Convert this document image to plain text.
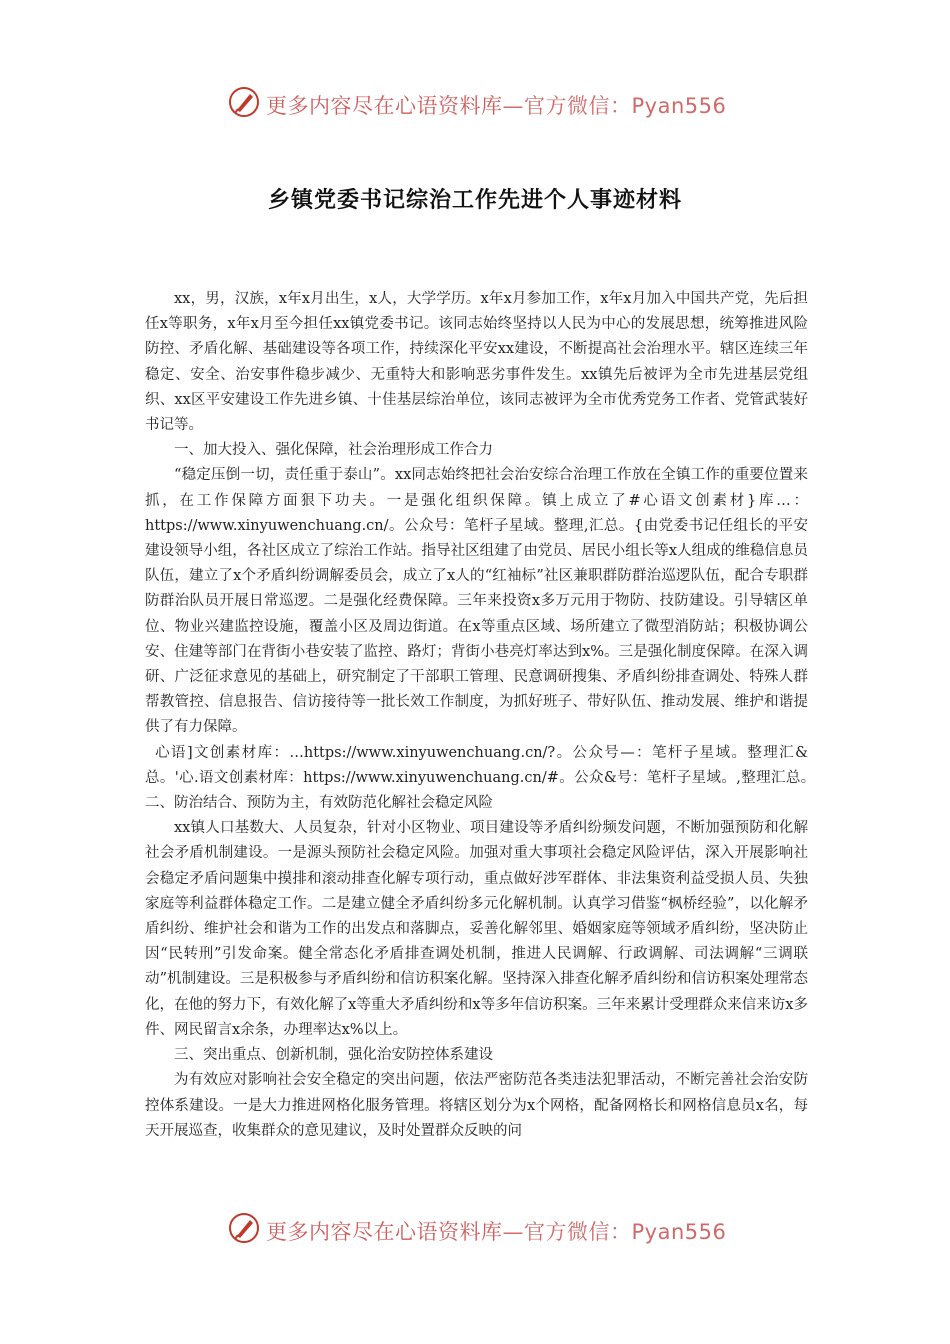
更多内容尽在心语资料库—官方微信：Pyan556
乡镇党委书记综治工作先进个人事迹材料

xx，男，汉族，x年x月出生，x人，大学学历。x年x月参加工作，x年x月加入中国共产党，先后担任x等职务，x年x月至今担任xx镇党委书记。该同志始终坚持以人民为中心的发展思想，统筹推进风险防控、矛盾化解、基础建设等各项工作，持续深化平安xx建设，不断提高社会治理水平。辖区连续三年稳定、安全、治安事件稳步减少、无重特大和影响恶劣事件发生。xx镇先后被评为全市先进基层党组织、xx区平安建设工作先进乡镇、十佳基层综治单位，该同志被评为全市优秀党务工作者、党管武装好书记等。

一、加大投入、强化保障，社会治理形成工作合力

“稳定压倒一切，责任重于泰山”。xx同志始终把社会治安综合治理工作放在全镇工作的重要位置来抓，在工作保障方面狠下功夫。一是强化组织保障。镇上成立了#心语文创素材}库…：https://www.xinyuwenchuang.cn/。公众号：笔杆子星域。整理,汇总。{由党委书记任组长的平安建设领导小组，各社区成立了综治工作站。指导社区组建了由党员、居民小组长等x人组成的维稳信息员队伍，建立了x个矛盾纠纷调解委员会，成立了x人的“红袖标”社区兼职群防群治巡逻队伍，配合专职群防群治队员开展日常巡逻。二是强化经费保障。三年来投资x多万元用于物防、技防建设。引导辖区单位、物业兴建监控设施，覆盖小区及周边街道。在x等重点区域、场所建立了微型消防站；积极协调公安、住建等部门在背街小巷安装了监控、路灯；背街小巷亮灯率达到x%。三是强化制度保障。在深入调研、广泛征求意见的基础上，研究制定了干部职工管理、民意调研搜集、矛盾纠纷排查调处、特殊人群帮教管控、信息报告、信访接待等一批长效工作制度，为抓好班子、带好队伍、推动发展、维护和谐提供了有力保障。

心语]文创素材库：…https://www.xinyuwenchuang.cn/?。公众号—：笔杆子星域。整理汇&总。'心.语文创素材库：https://www.xinyuwenchuang.cn/#。公众&号：笔杆子星域。,整理汇总。　二、防治结合、预防为主，有效防范化解社会稳定风险

xx镇人口基数大、人员复杂，针对小区物业、项目建设等矛盾纠纷频发问题，不断加强预防和化解社会矛盾机制建设。一是源头预防社会稳定风险。加强对重大事项社会稳定风险评估，深入开展影响社会稳定矛盾问题集中摸排和滚动排查化解专项行动，重点做好涉军群体、非法集资利益受损人员、失独家庭等利益群体稳定工作。二是建立健全矛盾纠纷多元化解机制。认真学习借鉴“枫桥经验”，以化解矛盾纠纷、维护社会和谐为工作的出发点和落脚点，妥善化解邻里、婚姻家庭等领域矛盾纠纷，坚决防止因“民转刑”引发命案。健全常态化矛盾排查调处机制，推进人民调解、行政调解、司法调解“三调联动”机制建设。三是积极参与矛盾纠纷和信访积案化解。坚持深入排查化解矛盾纠纷和信访积案处理常态化，在他的努力下，有效化解了x等重大矛盾纠纷和x等多年信访积案。三年来累计受理群众来信来访x多件、网民留言x余条，办理率达x%以上。

三、突出重点、创新机制，强化治安防控体系建设

为有效应对影响社会安全稳定的突出问题，依法严密防范各类违法犯罪活动，不断完善社会治安防控体系建设。一是大力推进网格化服务管理。将辖区划分为x个网格，配备网格长和网格信息员x名，每天开展巡查，收集群众的意见建议，及时处置群众反映的问

更多内容尽在心语资料库—官方微信：Pyan556
